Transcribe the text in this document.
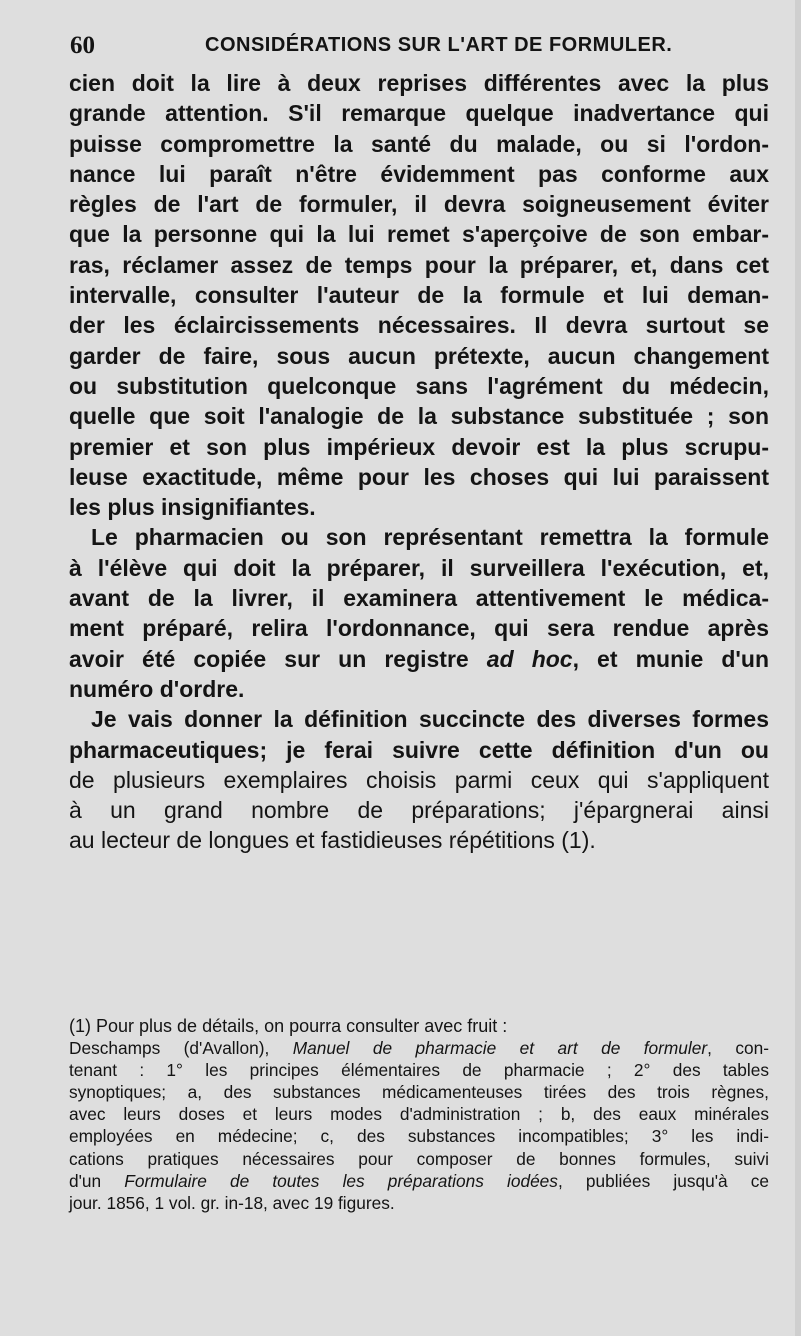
60	CONSIDÉRATIONS SUR L'ART DE FORMULER.
cien doit la lire à deux reprises différentes avec la plus
grande attention. S'il remarque quelque inadvertance qui
puisse compromettre la santé du malade, ou si l'ordon-
nance lui paraît n'être évidemment pas conforme aux
règles de l'art de formuler, il devra soigneusement éviter
que la personne qui la lui remet s'aperçoive de son embar-
ras, réclamer assez de temps pour la préparer, et, dans cet
intervalle, consulter l'auteur de la formule et lui deman-
der les éclaircissements nécessaires. Il devra surtout se
garder de faire, sous aucun prétexte, aucun changement
ou substitution quelconque sans l'agrément du médecin,
quelle que soit l'analogie de la substance substituée ; son
premier et son plus impérieux devoir est la plus scrupu-
leuse exactitude, même pour les choses qui lui paraissent
les plus insignifiantes.
Le pharmacien ou son représentant remettra la formule
à l'élève qui doit la préparer, il surveillera l'exécution, et,
avant de la livrer, il examinera attentivement le médica-
ment préparé, relira l'ordonnance, qui sera rendue après
avoir été copiée sur un registre ad hoc, et munie d'un
numéro d'ordre.
Je vais donner la définition succincte des diverses formes
pharmaceutiques; je ferai suivre cette définition d'un ou
de plusieurs exemplaires choisis parmi ceux qui s'appliquent
à un grand nombre de préparations; j'épargnerai ainsi
au lecteur de longues et fastidieuses répétitions (1).
(1) Pour plus de détails, on pourra consulter avec fruit :
Deschamps (d'Avallon), Manuel de pharmacie et art de formuler, con-
tenant : 1° les principes élémentaires de pharmacie ; 2° des tables
synoptiques; a, des substances médicamenteuses tirées des trois règnes,
avec leurs doses et leurs modes d'administration ; b, des eaux minérales
employées en médecine; c, des substances incompatibles; 3° les indi-
cations pratiques nécessaires pour composer de bonnes formules, suivi
d'un Formulaire de toutes les préparations iodées, publiées jusqu'à ce
jour. 1856, 1 vol. gr. in-18, avec 19 figures.
